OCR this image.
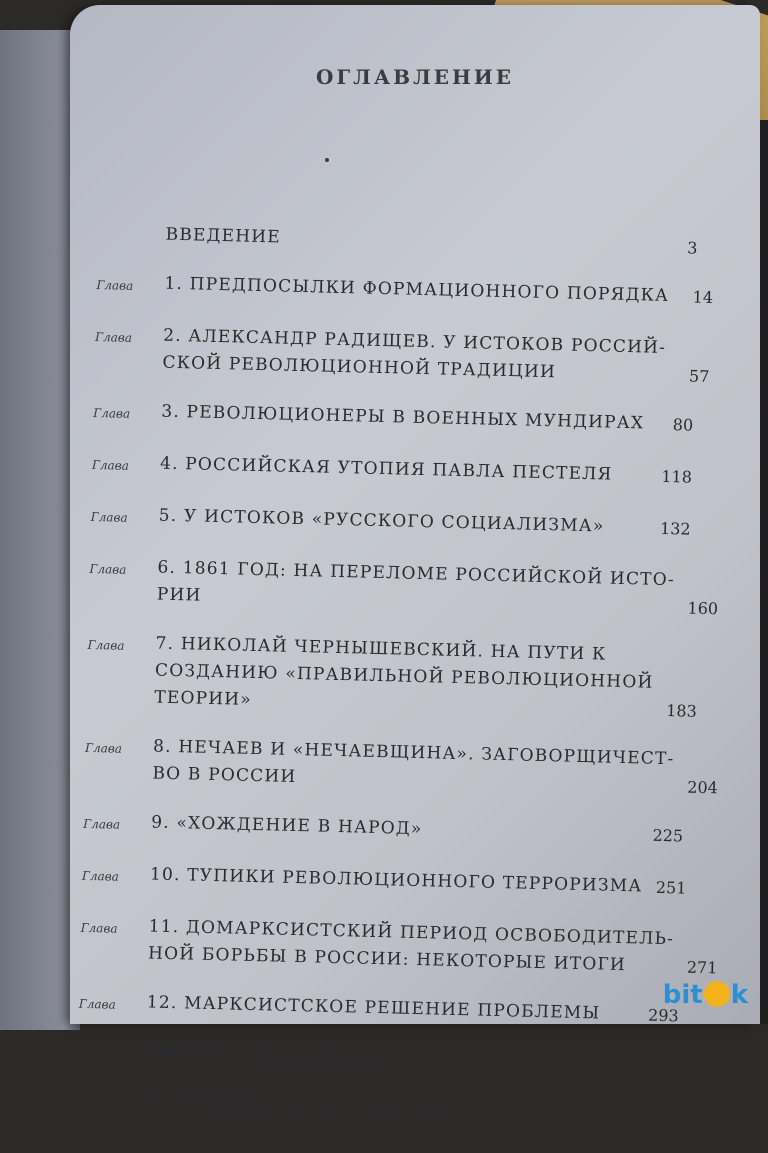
ОГЛАВЛЕНИЕ
ВВЕДЕНИЕ
3
Глава	1. ПРЕДПОСЫЛКИ ФОРМАЦИОННОГО ПОРЯДКА 14
Глава	2. АЛЕКСАНДР РАДИЩЕВ. У ИСТОКОВ РОССИЙ-
СКОЙ РЕВОЛЮЦИОННОЙ ТРАДИЦИИ	57
Глава	3. РЕВОЛЮЦИОНЕРЫ В ВОЕННЫХ МУНДИРАХ	80
Глава	4. РОССИЙСКАЯ УТОПИЯ ПАВЛА ПЕСТЕЛЯ	118
Глава	5. У ИСТОКОВ «РУССКОГО СОЦИАЛИЗМА»	132
Глава	6. 1861 ГОД: НА ПЕРЕЛОМЕ РОССИЙСКОЙ ИСТО-
РИИ
160
Глава	7. НИКОЛАЙ ЧЕРНЫШЕВСКИЙ. НА ПУТИ К
СОЗДАНИЮ «ПРАВИЛЬНОЙ РЕВОЛЮЦИОННОЙ
ТЕОРИИ»
183
Глава	8. НЕЧАЕВ И «НЕЧАЕВЩИНА». ЗАГОВОРЩИЧЕСТ-
ВО В РОССИИ
204
Глава	9. «ХОЖДЕНИЕ В НАРОД»	225
Глава	10. ТУПИКИ РЕВОЛЮЦИОННОГО ТЕРРОРИЗМА 251
Глава	11. ДОМАРКСИСТСКИЙ ПЕРИОД ОСВОБОДИТЕЛЬ-
НОЙ БОРЬБЫ В РОССИИ: НЕКОТОРЫЕ ИТОГИ	271
Глава	12. МАРКСИСТСКОЕ РЕШЕНИЕ ПРОБЛЕМЫ	293
ВМЕСТО ЗАКЛЮЧЕНИЯ	320
ИСТОЧНИКИ И ЛИТЕРАТУРА	325
bit k
